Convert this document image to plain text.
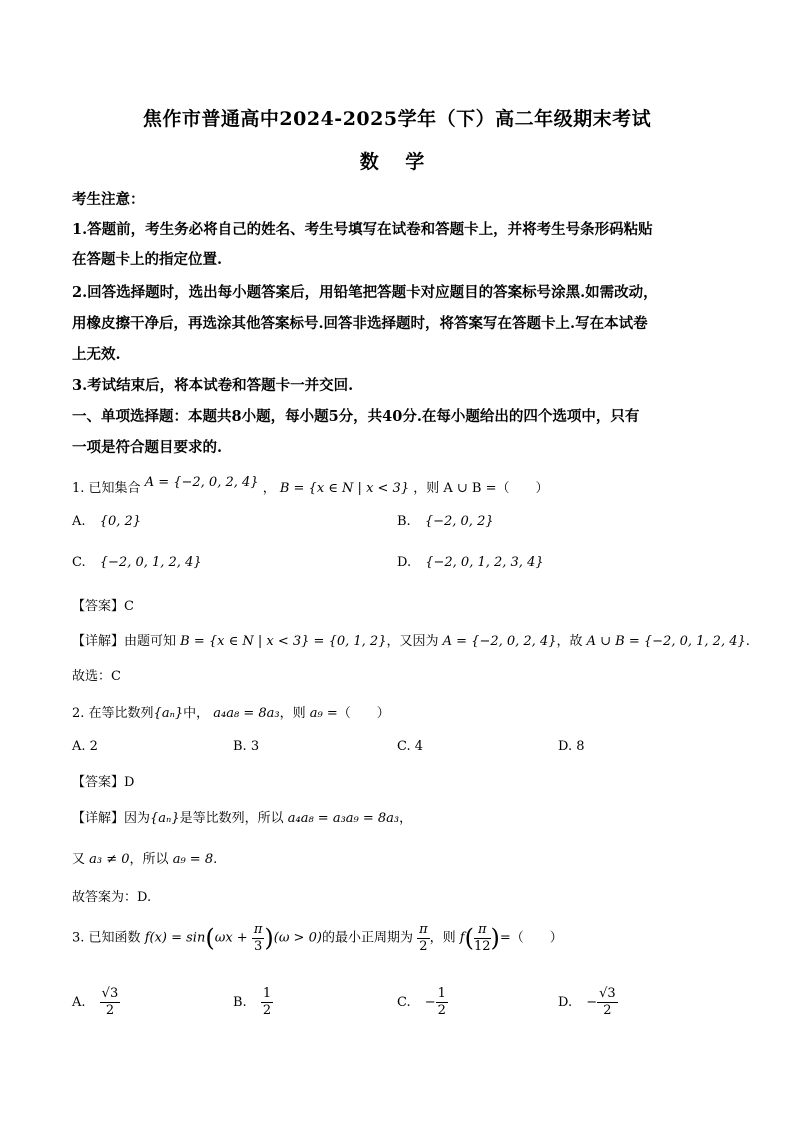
焦作市普通高中2024-2025学年（下）高二年级期末考试
数 学
考生注意：
1.答题前，考生务必将自己的姓名、考生号填写在试卷和答题卡上，并将考生号条形码粘贴
在答题卡上的指定位置.
2.回答选择题时，选出每小题答案后，用铅笔把答题卡对应题目的答案标号涂黑.如需改动，
用橡皮擦干净后，再选涂其他答案标号.回答非选择题时，将答案写在答题卡上.写在本试卷
上无效.
3.考试结束后，将本试卷和答题卡一并交回.
一、单项选择题：本题共8小题，每小题5分，共40分.在每小题给出的四个选项中，只有
一项是符合题目要求的.
1. 已知集合 A = {−2, 0, 2, 4} ， B = {x ∈ N | x < 3} ，则 A ∪ B =（　　）
A. {0, 2}	B. {−2, 0, 2}
C. {−2, 0, 1, 2, 4}	D. {−2, 0, 1, 2, 3, 4}
【答案】C
【详解】由题可知 B = {x ∈ N | x < 3} = {0, 1, 2}，又因为 A = {−2, 0, 2, 4}，故 A ∪ B = {−2, 0, 1, 2, 4}.
故选：C
2. 在等比数列{aₙ}中， a₄a₈ = 8a₃，则 a₉ =（　　）
A. 2	B. 3	C. 4	D. 8
【答案】D
【详解】因为{aₙ}是等比数列，所以 a₄a₈ = a₃a₉ = 8a₃，
又 a₃ ≠ 0，所以 a₉ = 8.
故答案为：D.
3. 已知函数 $f(x) = \sin(\omega x + \frac{\pi}{3} )(\omega > 0)$的最小正周期为 $\frac{\pi}{2}$ ，则 $f( \frac{\pi}{12}$ )=（　　）
A. $\frac{√3}{2}$	B. $\frac{1}{2}$	C. − $\frac{1}{2}$	D. − $\frac{√3}{2}$
